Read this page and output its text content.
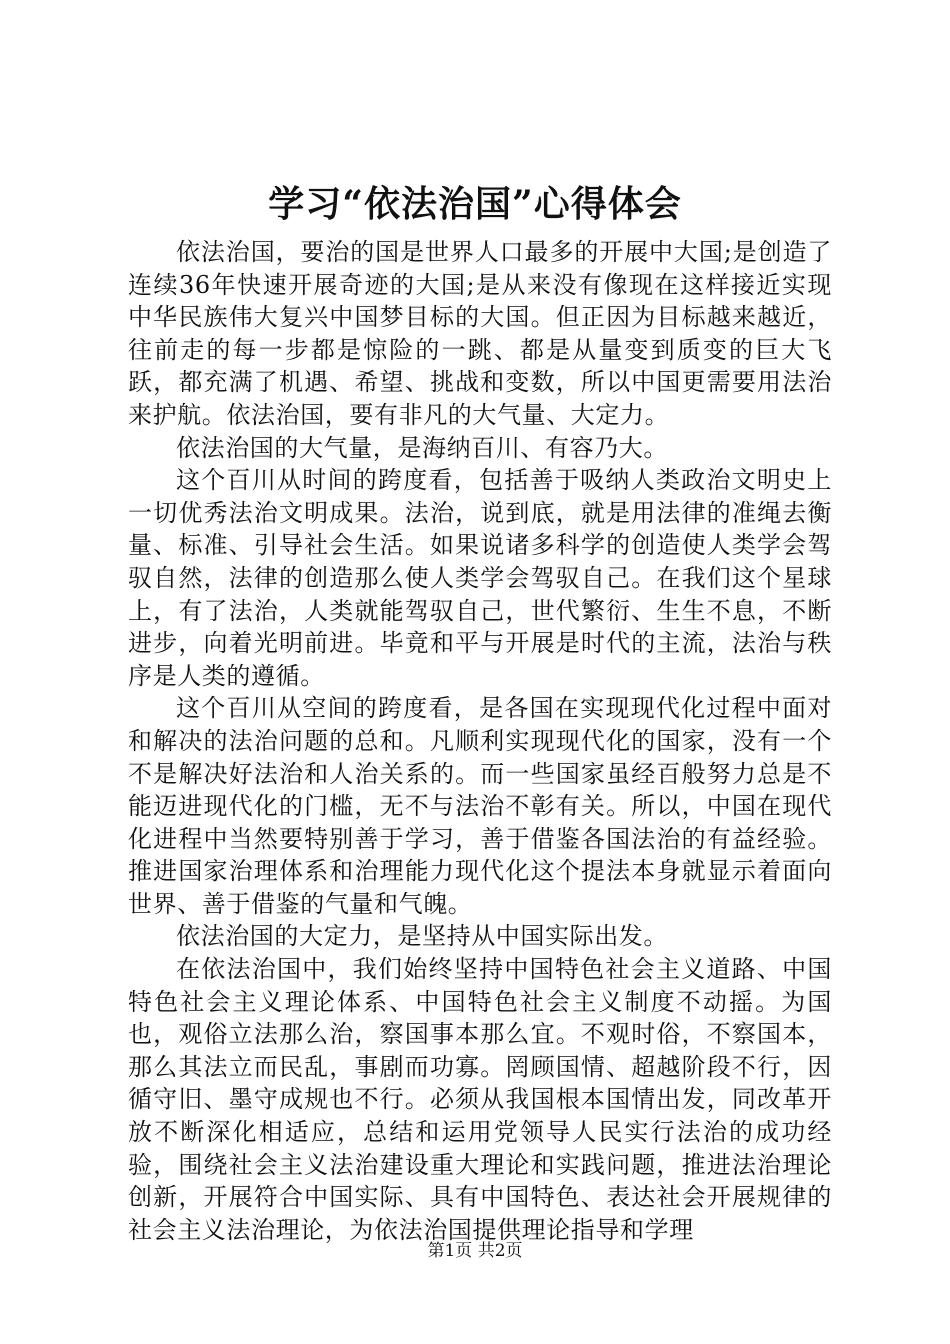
学习“依法治国”心得体会

依法治国，要治的国是世界人口最多的开展中大国;是创造了连续36年快速开展奇迹的大国;是从来没有像现在这样接近实现中华民族伟大复兴中国梦目标的大国。但正因为目标越来越近，往前走的每一步都是惊险的一跳、都是从量变到质变的巨大飞跃，都充满了机遇、希望、挑战和变数，所以中国更需要用法治来护航。依法治国，要有非凡的大气量、大定力。

依法治国的大气量，是海纳百川、有容乃大。

这个百川从时间的跨度看，包括善于吸纳人类政治文明史上一切优秀法治文明成果。法治，说到底，就是用法律的准绳去衡量、标准、引导社会生活。如果说诸多科学的创造使人类学会驾驭自然，法律的创造那么使人类学会驾驭自己。在我们这个星球上，有了法治，人类就能驾驭自己，世代繁衍、生生不息，不断进步，向着光明前进。毕竟和平与开展是时代的主流，法治与秩序是人类的遵循。

这个百川从空间的跨度看，是各国在实现现代化过程中面对和解决的法治问题的总和。凡顺利实现现代化的国家，没有一个不是解决好法治和人治关系的。而一些国家虽经百般努力总是不能迈进现代化的门槛，无不与法治不彰有关。所以，中国在现代化进程中当然要特别善于学习，善于借鉴各国法治的有益经验。推进国家治理体系和治理能力现代化这个提法本身就显示着面向世界、善于借鉴的气量和气魄。

依法治国的大定力，是坚持从中国实际出发。

在依法治国中，我们始终坚持中国特色社会主义道路、中国特色社会主义理论体系、中国特色社会主义制度不动摇。为国也，观俗立法那么治，察国事本那么宜。不观时俗，不察国本，那么其法立而民乱，事剧而功寡。罔顾国情、超越阶段不行，因循守旧、墨守成规也不行。必须从我国根本国情出发，同改革开放不断深化相适应，总结和运用党领导人民实行法治的成功经验，围绕社会主义法治建设重大理论和实践问题，推进法治理论创新，开展符合中国实际、具有中国特色、表达社会开展规律的社会主义法治理论，为依法治国提供理论指导和学理

第1页 共2页
